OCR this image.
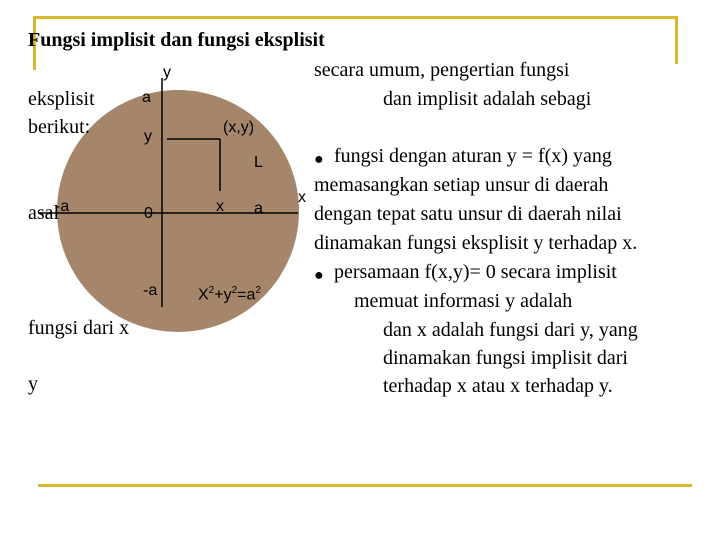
Fungsi implisit dan fungsi eksplisit
secara umum, pengertian fungsi
dan implisit adalah sebagi
eksplisit
berikut:
asal
fungsi dari x
y
y
a
(x,y)
y
L
-a	0	x a
x
-a	$X^2+y^2=a^2$
● fungsi dengan aturan y = f(x) yang
memasangkan setiap unsur di daerah
dengan tepat satu unsur di daerah nilai
dinamakan fungsi eksplisit y terhadap x.
● persamaan f(x,y)= 0 secara implisit
memuat informasi y adalah
dan x adalah fungsi dari y, yang
dinamakan fungsi implisit dari
terhadap x atau x terhadap y.
